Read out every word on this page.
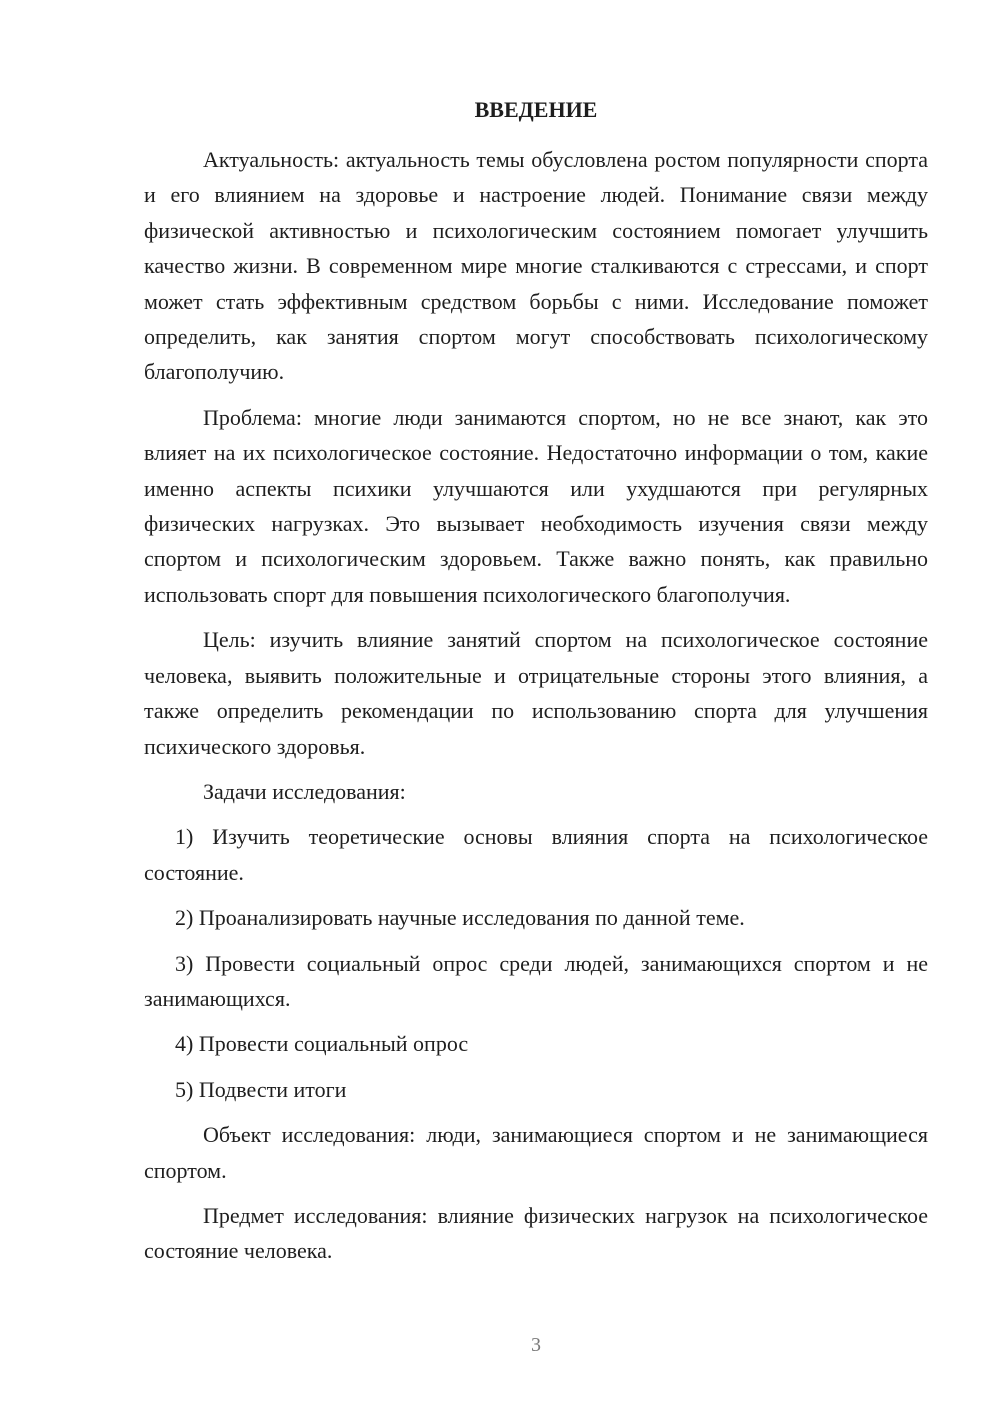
ВВЕДЕНИЕ

Актуальность: актуальность темы обусловлена ростом популярности спорта и его влиянием на здоровье и настроение людей. Понимание связи между физической активностью и психологическим состоянием помогает улучшить качество жизни. В современном мире многие сталкиваются с стрессами, и спорт может стать эффективным средством борьбы с ними. Исследование поможет определить, как занятия спортом могут способствовать психологическому благополучию.

Проблема: многие люди занимаются спортом, но не все знают, как это влияет на их психологическое состояние. Недостаточно информации о том, какие именно аспекты психики улучшаются или ухудшаются при регулярных физических нагрузках. Это вызывает необходимость изучения связи между спортом и психологическим здоровьем. Также важно понять, как правильно использовать спорт для повышения психологического благополучия.

Цель: изучить влияние занятий спортом на психологическое состояние человека, выявить положительные и отрицательные стороны этого влияния, а также определить рекомендации по использованию спорта для улучшения психического здоровья.

Задачи исследования:

1) Изучить теоретические основы влияния спорта на психологическое состояние.

2) Проанализировать научные исследования по данной теме.

3) Провести социальный опрос среди людей, занимающихся спортом и не занимающихся.

4) Провести социальный опрос

5) Подвести итоги

Объект исследования: люди, занимающиеся спортом и не занимающиеся спортом.

Предмет исследования: влияние физических нагрузок на психологическое состояние человека.

3
